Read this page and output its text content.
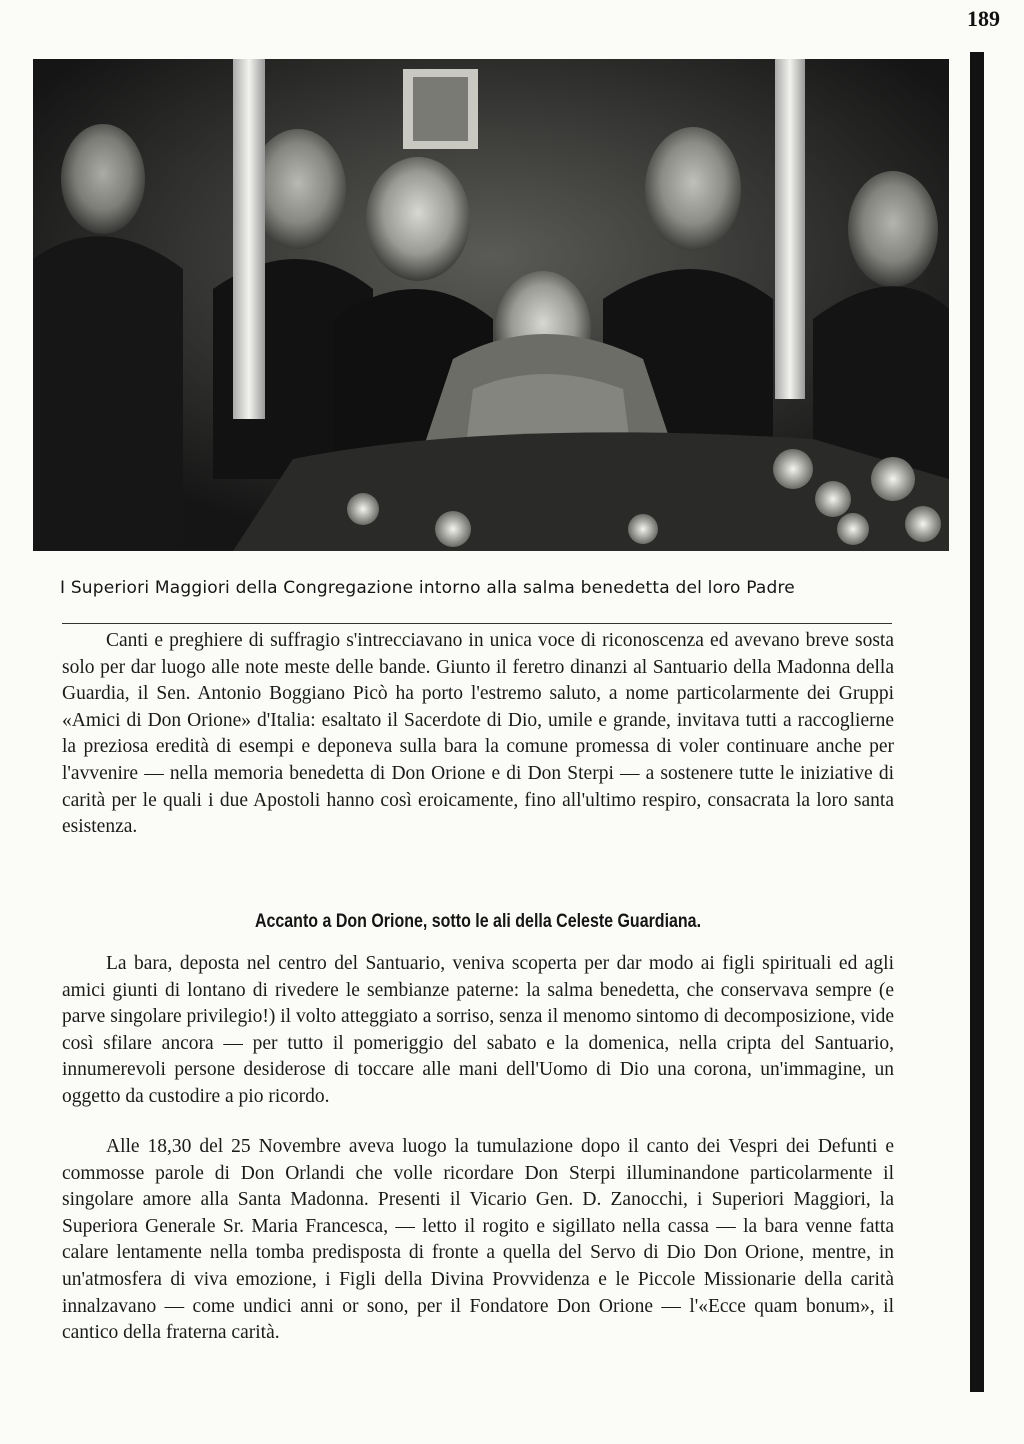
189
I Superiori Maggiori della Congregazione intorno alla salma benedetta del loro Padre

Canti e preghiere di suffragio s'intrecciavano in unica voce di riconoscenza ed avevano breve sosta solo per dar luogo alle note meste delle bande. Giunto il feretro dinanzi al Santuario della Madonna della Guardia, il Sen. Antonio Boggiano Picò ha porto l'estremo saluto, a nome particolarmente dei Gruppi «Amici di Don Orione» d'Italia: esaltato il Sacerdote di Dio, umile e grande, invitava tutti a raccoglierne la preziosa eredità di esempi e deponeva sulla bara la comune promessa di voler continuare anche per l'avvenire — nella memoria benedetta di Don Orione e di Don Sterpi — a sostenere tutte le iniziative di carità per le quali i due Apostoli hanno così eroicamente, fino all'ultimo respiro, consacrata la loro santa esistenza.

Accanto a Don Orione, sotto le ali della Celeste Guardiana.

La bara, deposta nel centro del Santuario, veniva scoperta per dar modo ai figli spirituali ed agli amici giunti di lontano di rivedere le sembianze paterne: la salma benedetta, che conservava sempre (e parve singolare privilegio!) il volto atteggiato a sorriso, senza il menomo sintomo di decomposizione, vide così sfilare ancora — per tutto il pomeriggio del sabato e la domenica, nella cripta del Santuario, innumerevoli persone desiderose di toccare alle mani dell'Uomo di Dio una corona, un'immagine, un oggetto da custodire a pio ricordo.

Alle 18,30 del 25 Novembre aveva luogo la tumulazione dopo il canto dei Vespri dei Defunti e commosse parole di Don Orlandi che volle ricordare Don Sterpi illuminandone particolarmente il singolare amore alla Santa Madonna. Presenti il Vicario Gen. D. Zanocchi, i Superiori Maggiori, la Superiora Generale Sr. Maria Francesca, — letto il rogito e sigillato nella cassa — la bara venne fatta calare lentamente nella tomba predisposta di fronte a quella del Servo di Dio Don Orione, mentre, in un'atmosfera di viva emozione, i Figli della Divina Provvidenza e le Piccole Missionarie della carità innalzavano — come undici anni or sono, per il Fondatore Don Orione — l'«Ecce quam bonum», il cantico della fraterna carità.
